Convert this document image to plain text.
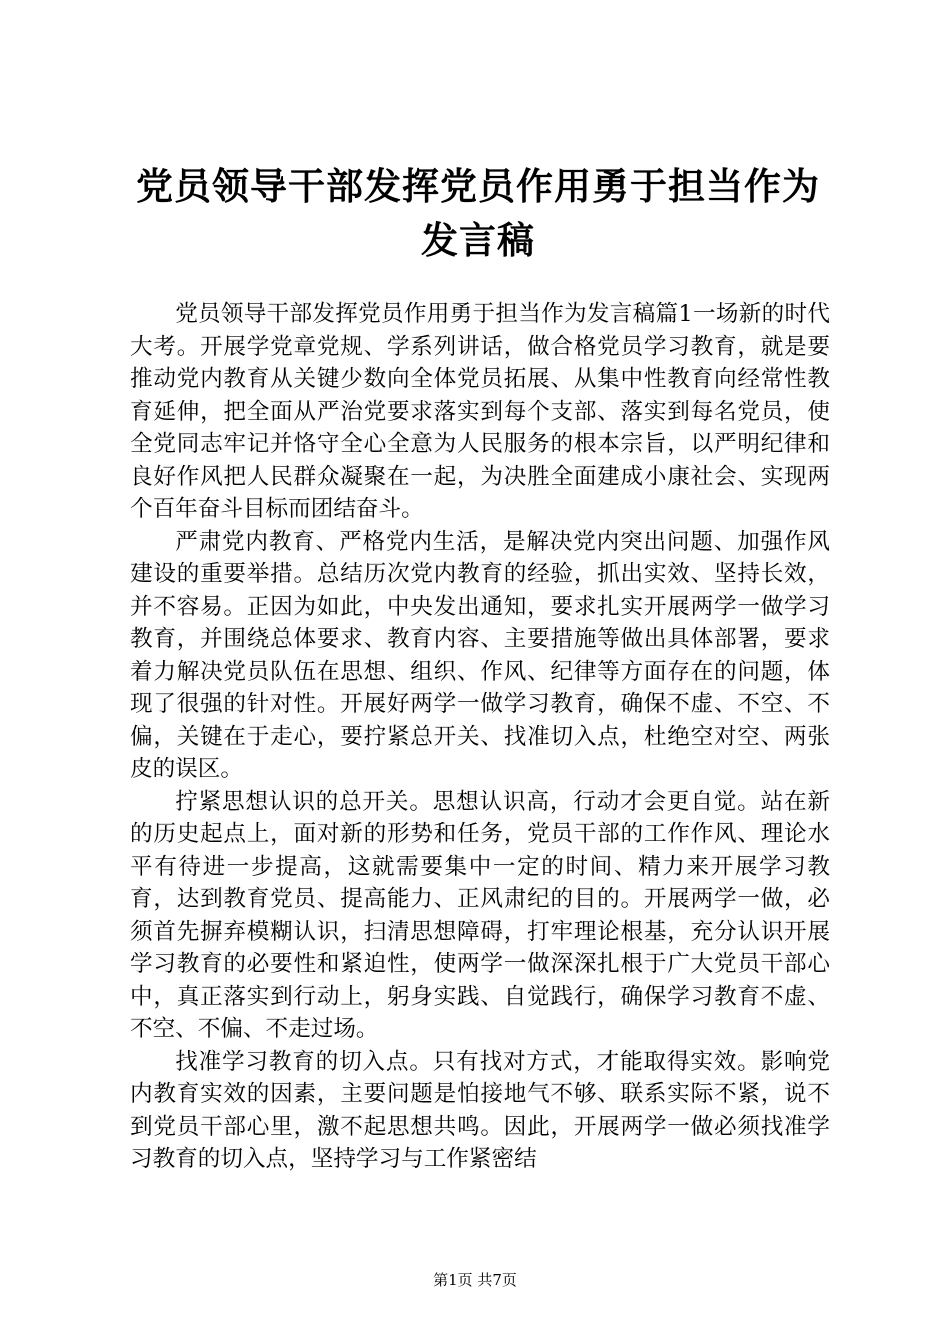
党员领导干部发挥党员作用勇于担当作为发言稿

党员领导干部发挥党员作用勇于担当作为发言稿篇1一场新的时代大考。开展学党章党规、学系列讲话，做合格党员学习教育，就是要推动党内教育从关键少数向全体党员拓展、从集中性教育向经常性教育延伸，把全面从严治党要求落实到每个支部、落实到每名党员，使全党同志牢记并恪守全心全意为人民服务的根本宗旨，以严明纪律和良好作风把人民群众凝聚在一起，为决胜全面建成小康社会、实现两个百年奋斗目标而团结奋斗。

严肃党内教育、严格党内生活，是解决党内突出问题、加强作风建设的重要举措。总结历次党内教育的经验，抓出实效、坚持长效，并不容易。正因为如此，中央发出通知，要求扎实开展两学一做学习教育，并围绕总体要求、教育内容、主要措施等做出具体部署，要求着力解决党员队伍在思想、组织、作风、纪律等方面存在的问题，体现了很强的针对性。开展好两学一做学习教育，确保不虚、不空、不偏，关键在于走心，要拧紧总开关、找准切入点，杜绝空对空、两张皮的误区。

拧紧思想认识的总开关。思想认识高，行动才会更自觉。站在新的历史起点上，面对新的形势和任务，党员干部的工作作风、理论水平有待进一步提高，这就需要集中一定的时间、精力来开展学习教育，达到教育党员、提高能力、正风肃纪的目的。开展两学一做，必须首先摒弃模糊认识，扫清思想障碍，打牢理论根基，充分认识开展学习教育的必要性和紧迫性，使两学一做深深扎根于广大党员干部心中，真正落实到行动上，躬身实践、自觉践行，确保学习教育不虚、不空、不偏、不走过场。

找准学习教育的切入点。只有找对方式，才能取得实效。影响党内教育实效的因素，主要问题是怕接地气不够、联系实际不紧，说不到党员干部心里，激不起思想共鸣。因此，开展两学一做必须找准学习教育的切入点，坚持学习与工作紧密结

第1页 共7页
